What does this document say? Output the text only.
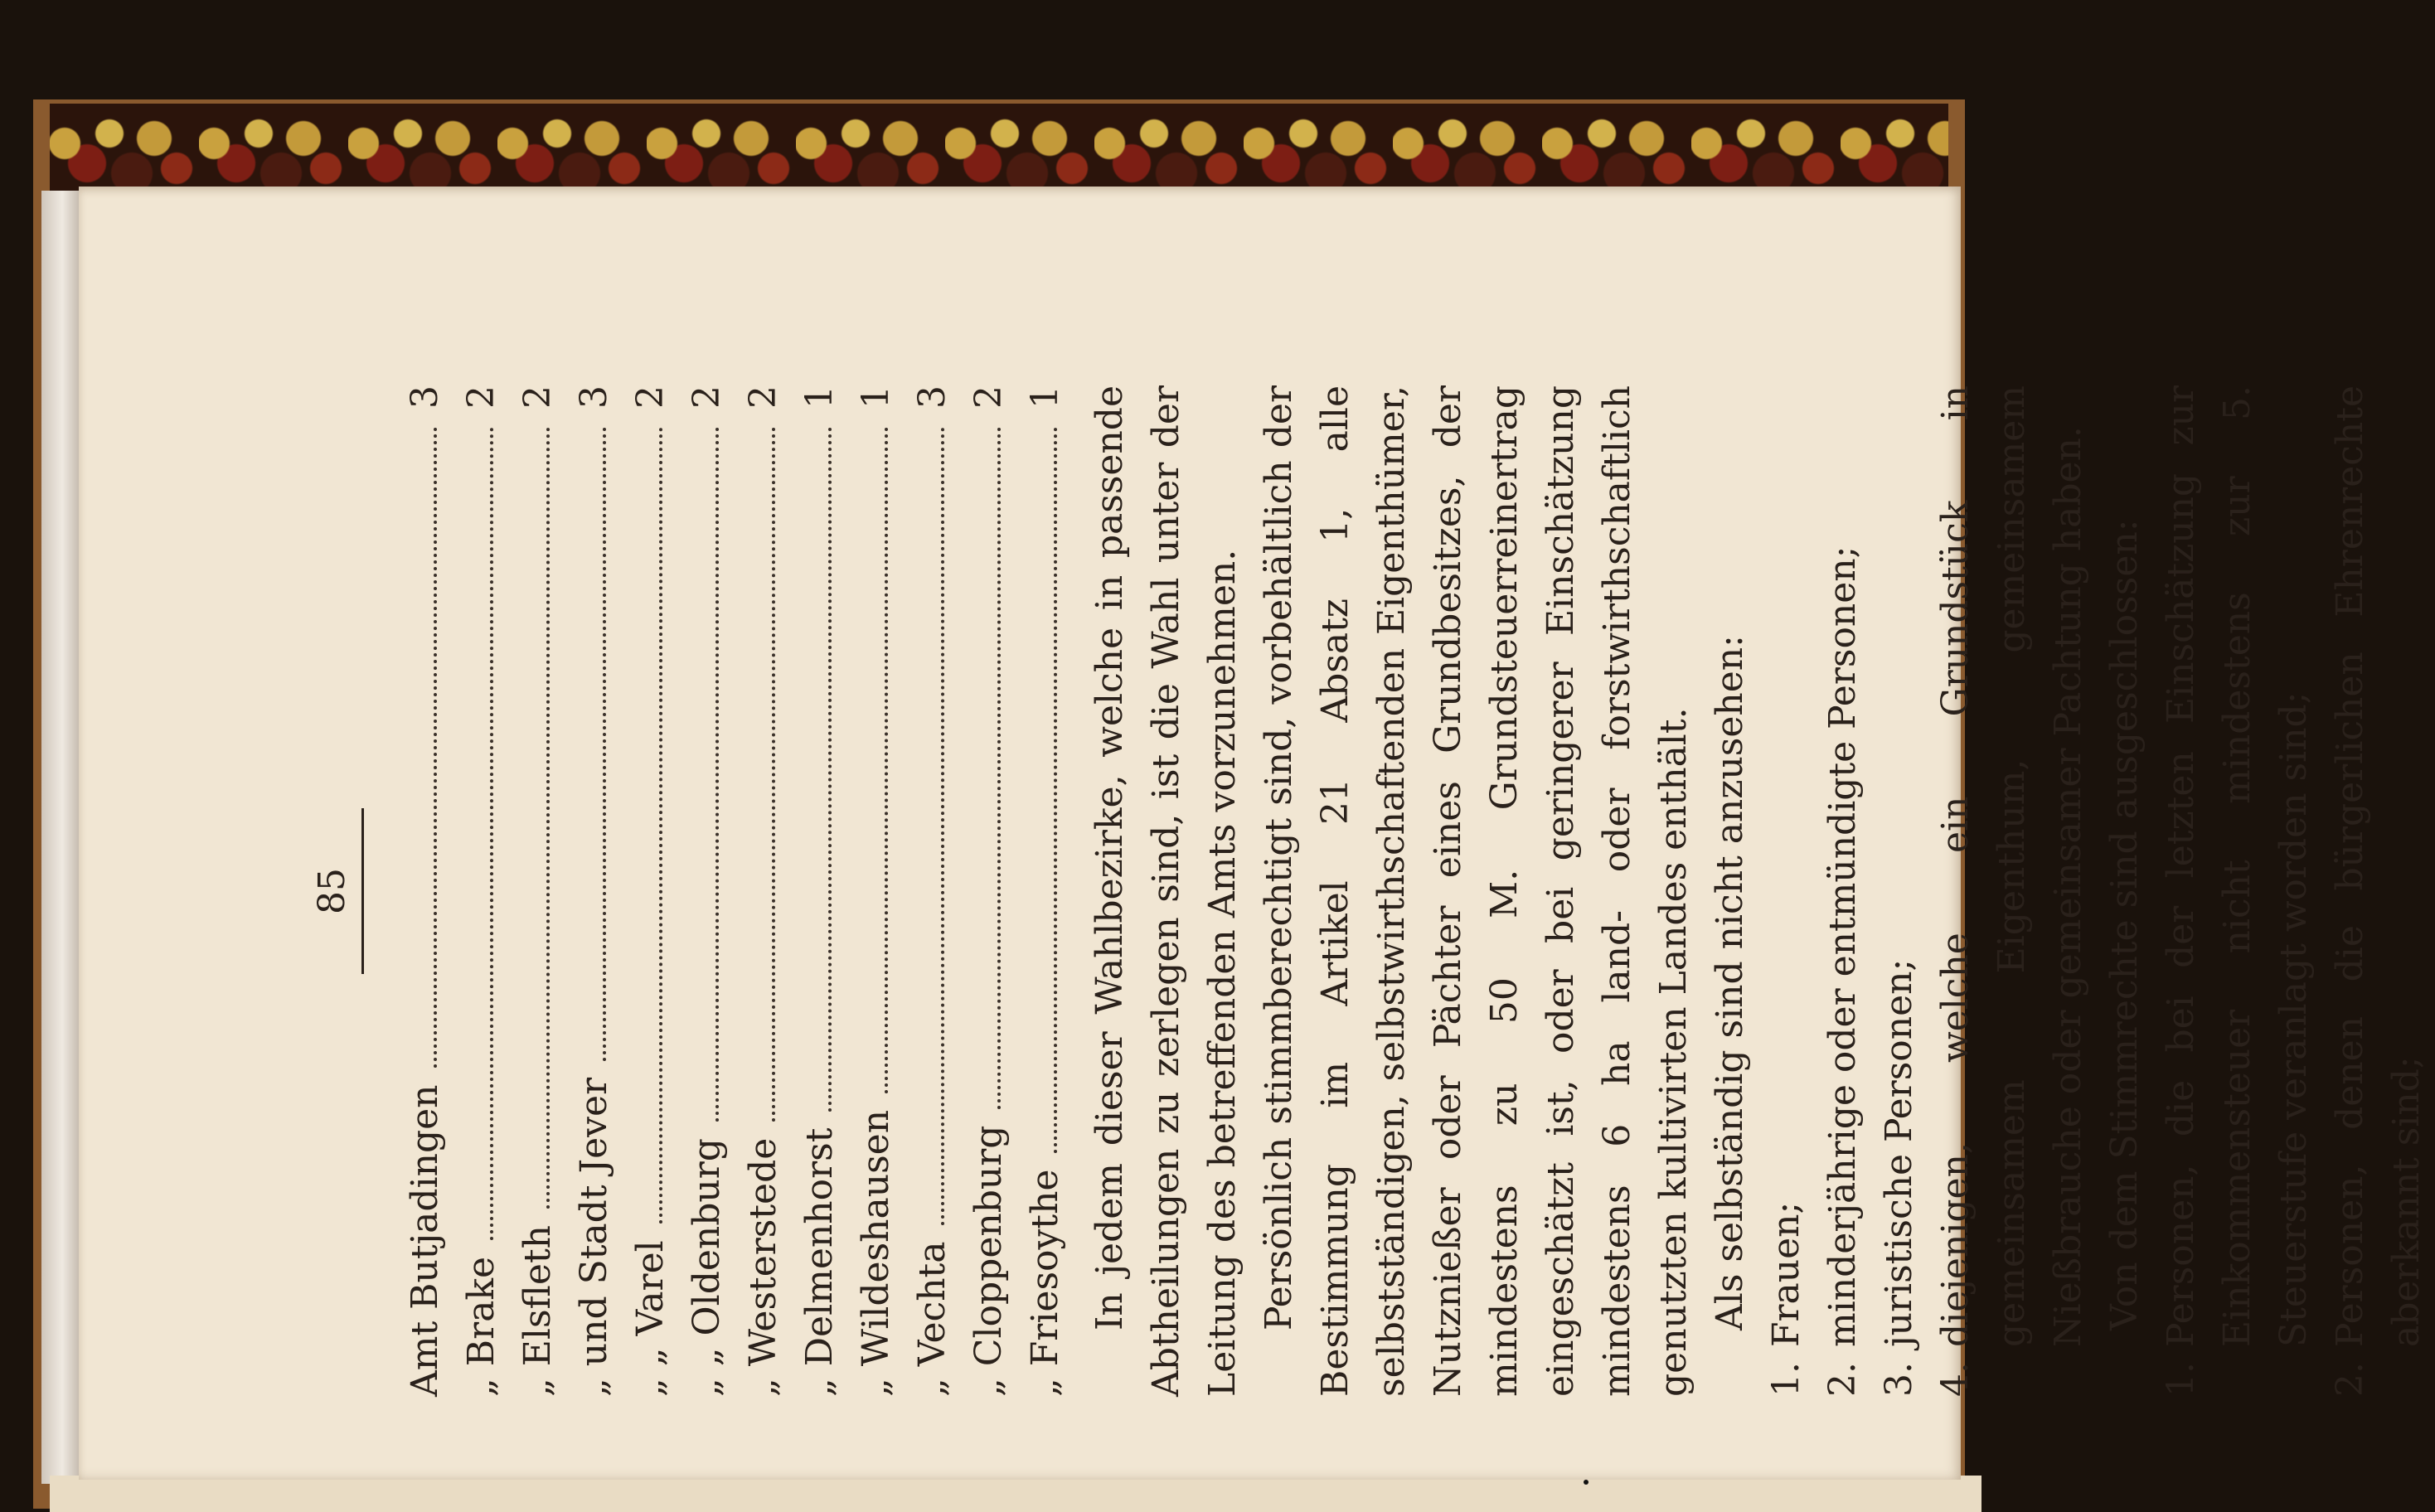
85
Amt Butjadingen
3
„ Brake
2
„ Elsfleth
2
„ und Stadt Jever
3
„ „ Varel
2
„ „ Oldenburg
2
„ Westerstede
2
„ Delmenhorst
1
„ Wildeshausen
1
„ Vechta
3
„ Cloppenburg
2
„ Friesoythe
1 In jedem dieser Wahlbezirke, welche in passende Abtheilungen zu zerlegen sind, ist die Wahl unter der Leitung des betreffenden Amts vorzunehmen. Persönlich stimmberechtigt sind, vorbehältlich der Bestimmung im Artikel 21 Absatz 1, alle selbstständigen, selbstwirthschaftenden Eigenthümer, Nutznießer oder Pächter eines Grundbesitzes, der mindestens zu 50 M. Grundsteuerreinertrag eingeschätzt ist, oder bei geringerer Einschätzung mindestens 6 ha land- oder forstwirthschaftlich genutzten kultivirten Landes enthält. Als selbständig sind nicht anzusehen:

1.
Frauen;
2.
minderjährige oder entmündigte Personen;
3.
juristische Personen;
4.
diejenigen, welche ein Grundstück in gemeinsamem Eigenthum, gemeinsamem Nießbrauche oder gemeinsamer Pachtung haben. Von dem Stimmrechte sind ausgeschlossen:

1.
Personen, die bei der letzten Einschätzung zur Einkommensteuer nicht mindestens zur 5. Steuerstufe veranlagt worden sind;
2.
Personen, denen die bürgerlichen Ehrenrechte aberkannt sind;
